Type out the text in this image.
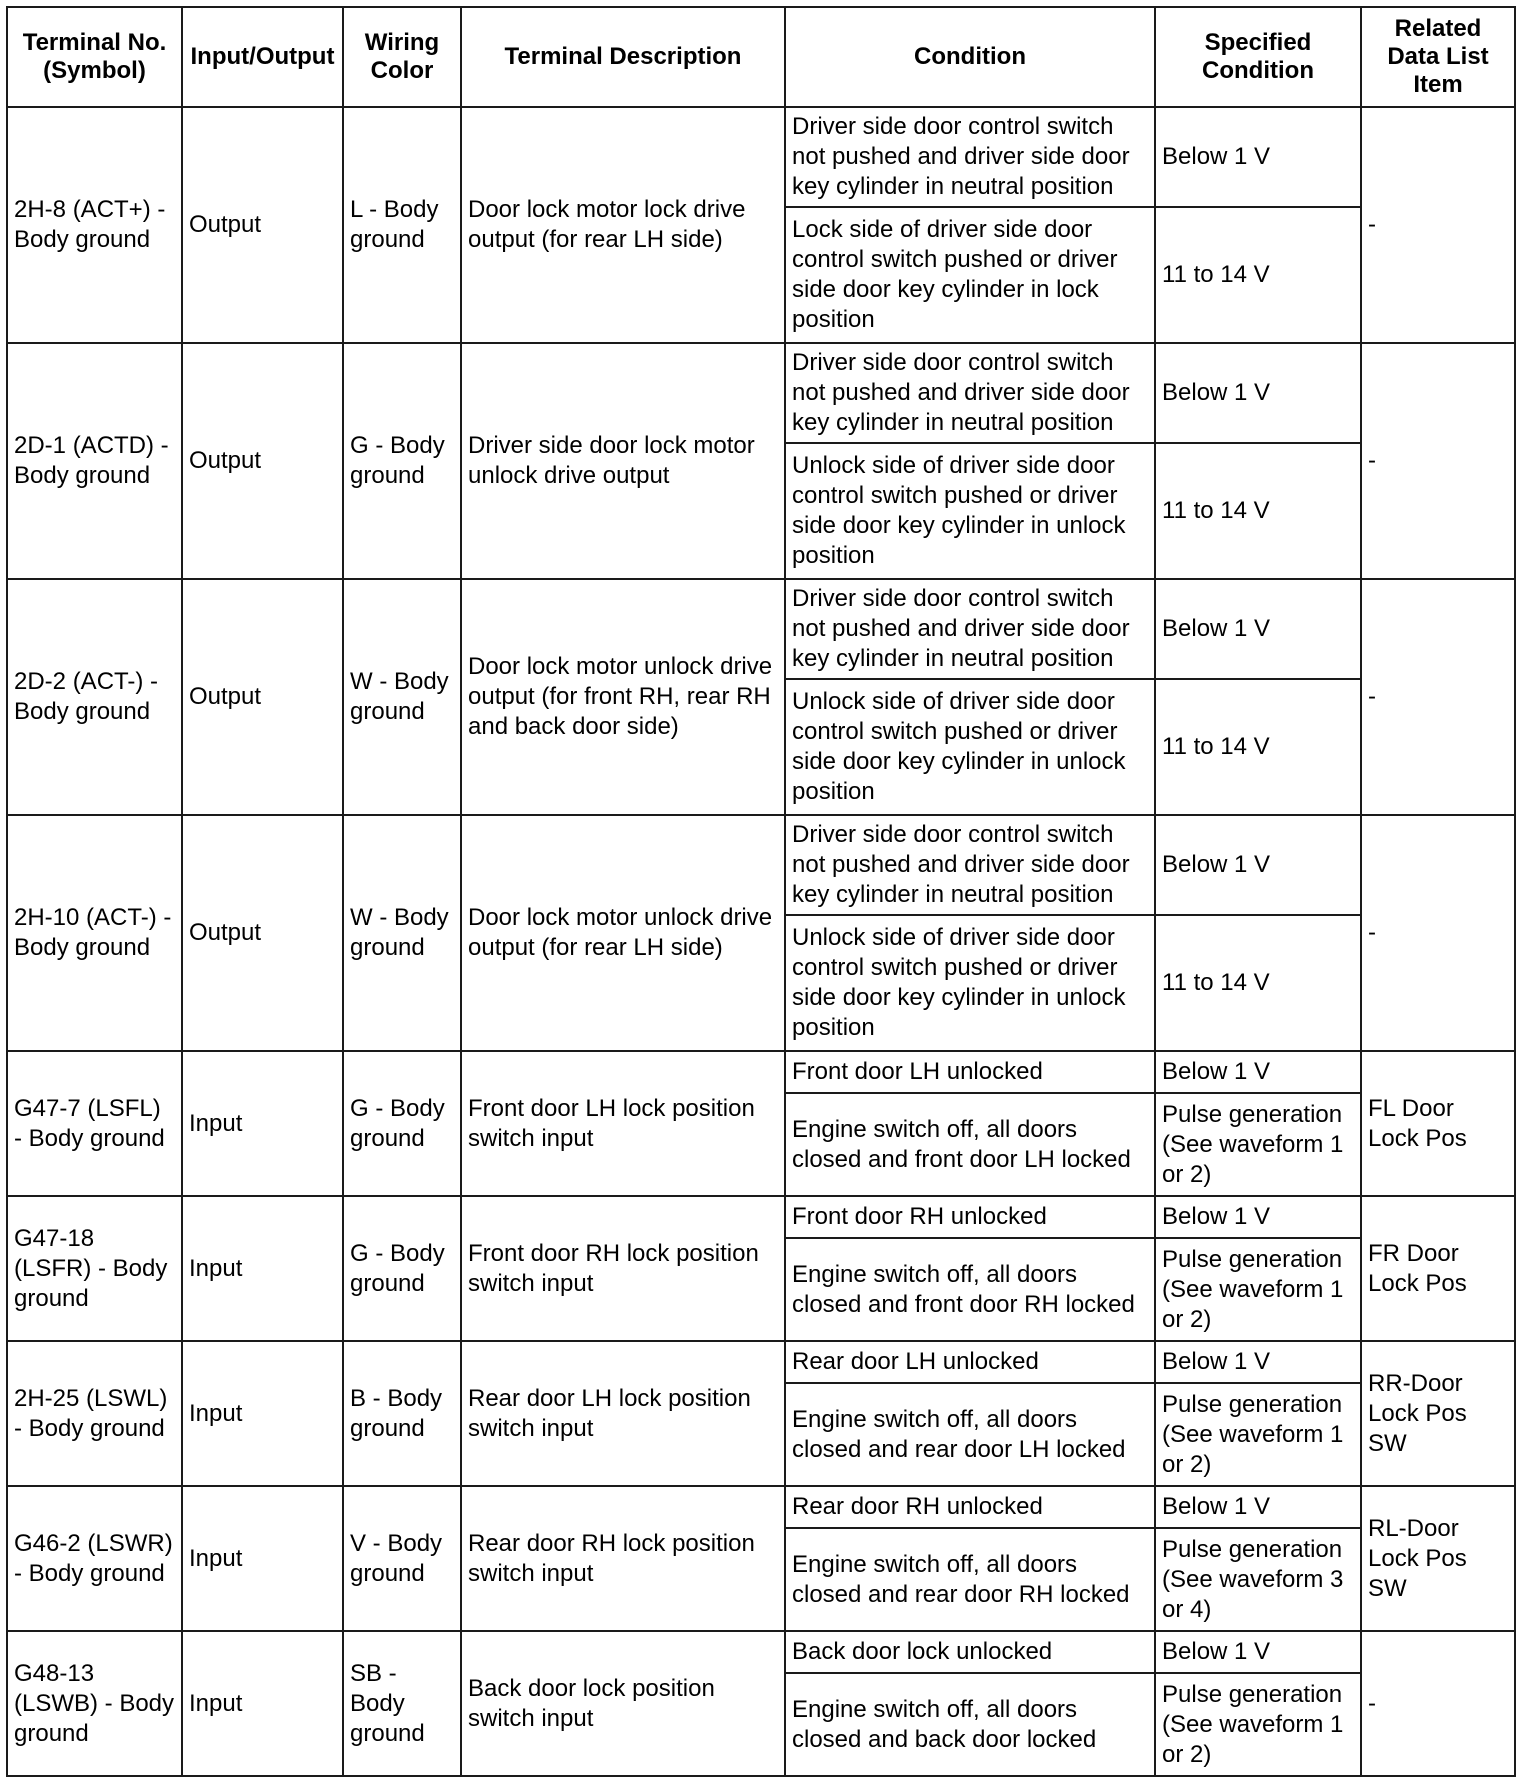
Terminal No. (Symbol)	Input/Output	Wiring Color	Terminal Description	Condition	Specified Condition	Related Data List Item
2H-8 (ACT+) - Body ground	Output	L - Body ground	Door lock motor lock drive output (for rear LH side)	Driver side door control switch not pushed and driver side door key cylinder in neutral position	Below 1 V	-
				Lock side of driver side door control switch pushed or driver side door key cylinder in lock position	11 to 14 V	
2D-1 (ACTD) - Body ground	Output	G - Body ground	Driver side door lock motor unlock drive output	Driver side door control switch not pushed and driver side door key cylinder in neutral position	Below 1 V	-
				Unlock side of driver side door control switch pushed or driver side door key cylinder in unlock position	11 to 14 V	
2D-2 (ACT-) - Body ground	Output	W - Body ground	Door lock motor unlock drive output (for front RH, rear RH and back door side)	Driver side door control switch not pushed and driver side door key cylinder in neutral position	Below 1 V	-
				Unlock side of driver side door control switch pushed or driver side door key cylinder in unlock position	11 to 14 V	
2H-10 (ACT-) - Body ground	Output	W - Body ground	Door lock motor unlock drive output (for rear LH side)	Driver side door control switch not pushed and driver side door key cylinder in neutral position	Below 1 V	-
				Unlock side of driver side door control switch pushed or driver side door key cylinder in unlock position	11 to 14 V	
G47-7 (LSFL) - Body ground	Input	G - Body ground	Front door LH lock position switch input	Front door LH unlocked	Below 1 V	FL Door Lock Pos
				Engine switch off, all doors closed and front door LH locked	Pulse generation (See waveform 1 or 2)	
G47-18 (LSFR) - Body ground	Input	G - Body ground	Front door RH lock position switch input	Front door RH unlocked	Below 1 V	FR Door Lock Pos
				Engine switch off, all doors closed and front door RH locked	Pulse generation (See waveform 1 or 2)	
2H-25 (LSWL) - Body ground	Input	B - Body ground	Rear door LH lock position switch input	Rear door LH unlocked	Below 1 V	RR-Door Lock Pos SW
				Engine switch off, all doors closed and rear door LH locked	Pulse generation (See waveform 1 or 2)	
G46-2 (LSWR) - Body ground	Input	V - Body ground	Rear door RH lock position switch input	Rear door RH unlocked	Below 1 V	RL-Door Lock Pos SW
				Engine switch off, all doors closed and rear door RH locked	Pulse generation (See waveform 3 or 4)	
G48-13 (LSWB) - Body ground	Input	SB - Body ground	Back door lock position switch input	Back door lock unlocked	Below 1 V	-
				Engine switch off, all doors closed and back door locked	Pulse generation (See waveform 1 or 2)	
